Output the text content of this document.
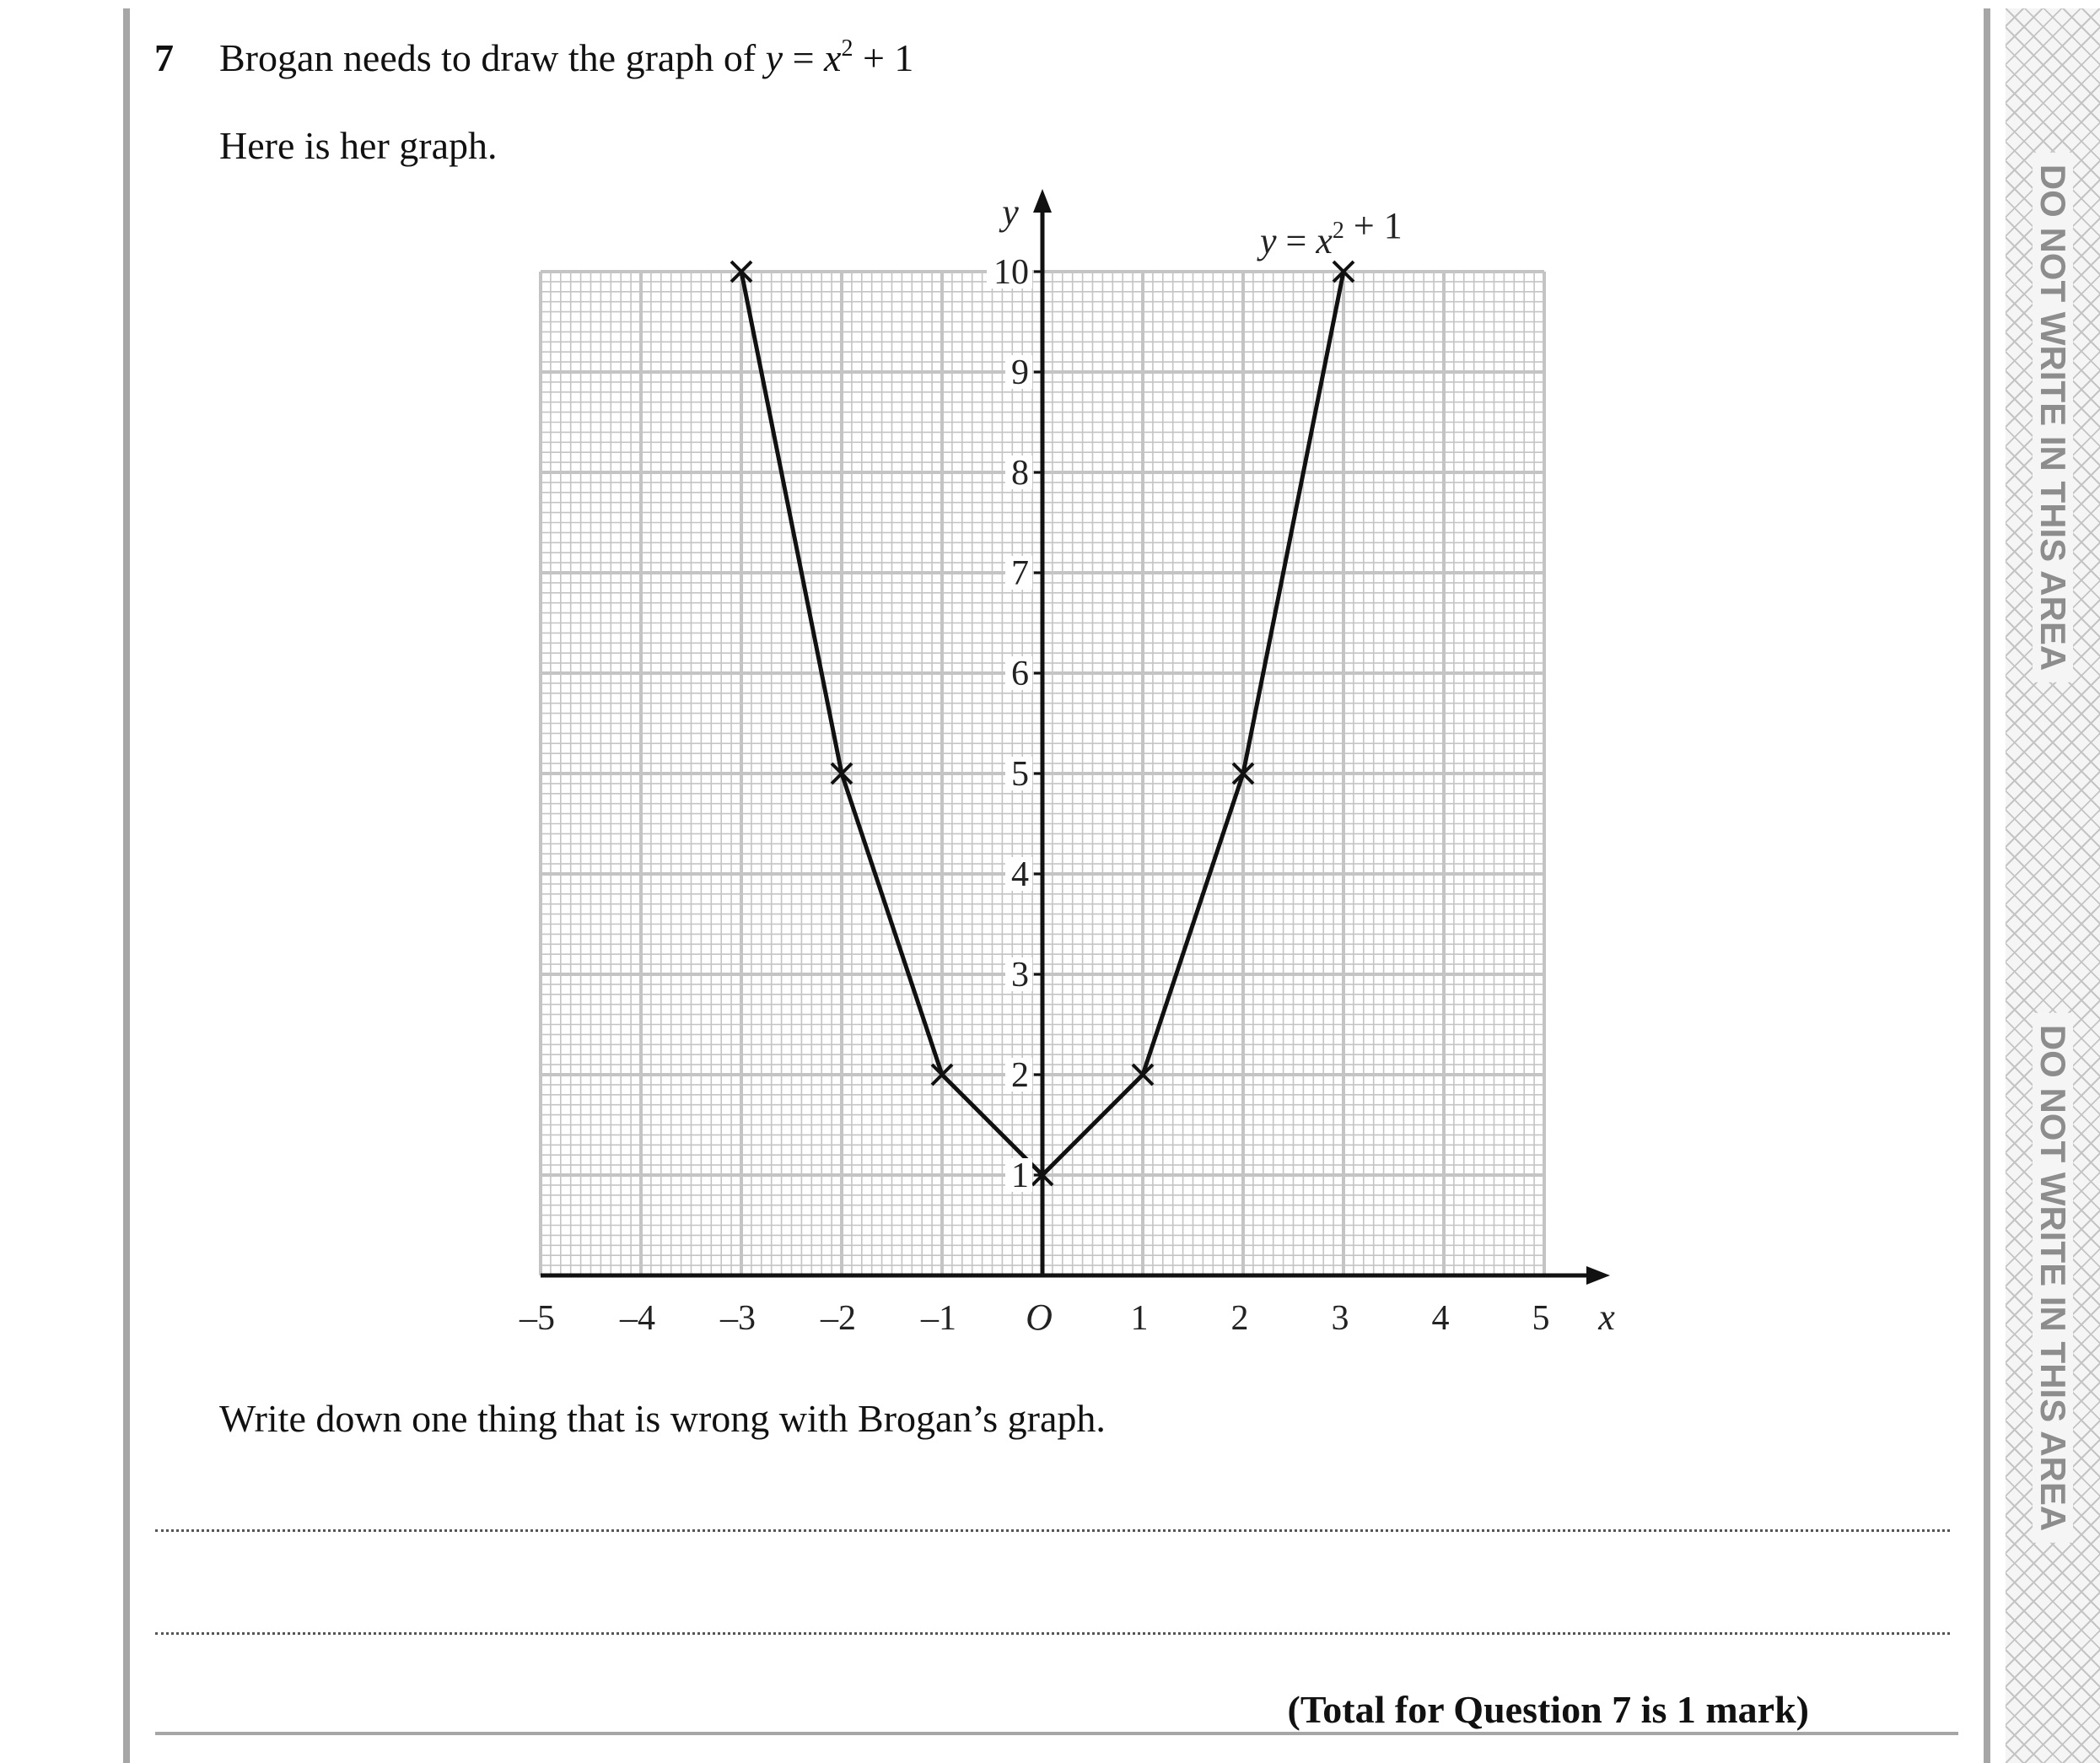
DO NOT WRITE IN THIS AREA
DO NOT WRITE IN THIS AREA
7 Brogan needs to draw the graph of $y = x^2 + 1$
Here is her graph.
1
2
3
4
5
6
7
8
9
10
–5 –4 –3 –2 –1	1 2 3 4 5
O	x
y
$y = x^2 + 1$
Write down one thing that is wrong with Brogan’s graph.
(Total for Question 7 is 1 mark)
